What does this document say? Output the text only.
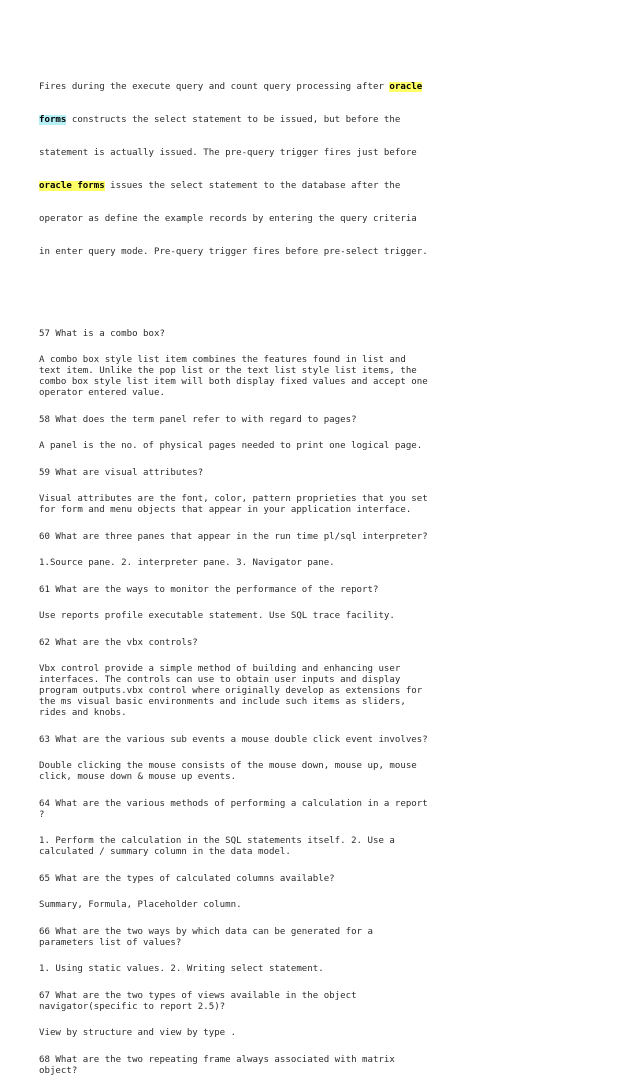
Fires during the execute query and count query processing after oracle

forms constructs the select statement to be issued, but before the

statement is actually issued. The pre-query trigger fires just before

oracle forms issues the select statement to the database after the

operator as define the example records by entering the query criteria

in enter query mode. Pre-query trigger fires before pre-select trigger.

57 What is a combo box?
A combo box style list item combines the features found in list and
text item. Unlike the pop list or the text list style list items, the
combo box style list item will both display fixed values and accept one
operator entered value.
58 What does the term panel refer to with regard to pages?
A panel is the no. of physical pages needed to print one logical page.
59 What are visual attributes?
Visual attributes are the font, color, pattern proprieties that you set
for form and menu objects that appear in your application interface.
60 What are three panes that appear in the run time pl/sql interpreter?
1.Source pane. 2. interpreter pane. 3. Navigator pane.
61 What are the ways to monitor the performance of the report?
Use reports profile executable statement. Use SQL trace facility.
62 What are the vbx controls?
Vbx control provide a simple method of building and enhancing user
interfaces. The controls can use to obtain user inputs and display
program outputs.vbx control where originally develop as extensions for
the ms visual basic environments and include such items as sliders,
rides and knobs.
63 What are the various sub events a mouse double click event involves?
Double clicking the mouse consists of the mouse down, mouse up, mouse
click, mouse down & mouse up events.
64 What are the various methods of performing a calculation in a report
?
1. Perform the calculation in the SQL statements itself. 2. Use a
calculated / summary column in the data model.
65 What are the types of calculated columns available?
Summary, Formula, Placeholder column.
66 What are the two ways by which data can be generated for a
parameters list of values?
1. Using static values. 2. Writing select statement.
67 What are the two types of views available in the object
navigator(specific to report 2.5)?
View by structure and view by type .
68 What are the two repeating frame always associated with matrix
object?
